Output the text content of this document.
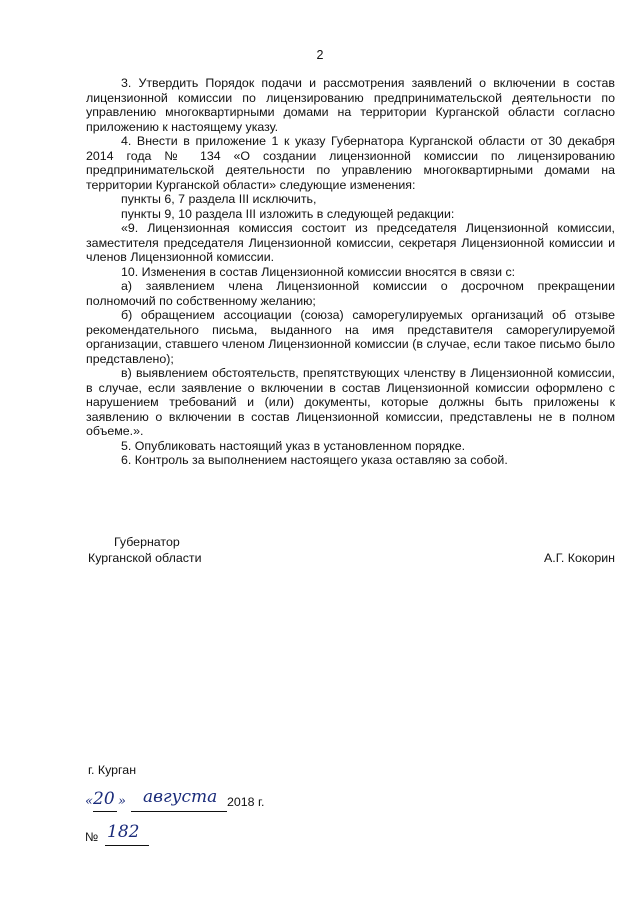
2

3. Утвердить Порядок подачи и рассмотрения заявлений о включении в состав лицензионной комиссии по лицензированию предпринимательской деятельности по управлению многоквартирными домами на территории Курганской области согласно приложению к настоящему указу.

4. Внести в приложение 1 к указу Губернатора Курганской области от 30 декабря 2014 года № 134 «О создании лицензионной комиссии по лицензированию предпринимательской деятельности по управлению многоквартирными домами на территории Курганской области» следующие изменения:

пункты 6, 7 раздела III исключить,

пункты 9, 10 раздела III изложить в следующей редакции:

«9. Лицензионная комиссия состоит из председателя Лицензионной комиссии, заместителя председателя Лицензионной комиссии, секретаря Лицензионной комиссии и членов Лицензионной комиссии.

10. Изменения в состав Лицензионной комиссии вносятся в связи с:

а) заявлением члена Лицензионной комиссии о досрочном прекращении полномочий по собственному желанию;

б) обращением ассоциации (союза) саморегулируемых организаций об отзыве рекомендательного письма, выданного на имя представителя саморегулируемой организации, ставшего членом Лицензионной комиссии (в случае, если такое письмо было представлено);

в) выявлением обстоятельств, препятствующих членству в Лицензионной комиссии, в случае, если заявление о включении в состав Лицензионной комиссии оформлено с нарушением требований и (или) документы, которые должны быть приложены к заявлению о включении в состав Лицензионной комиссии, представлены не в полном объеме.».

5. Опубликовать настоящий указ в установленном порядке.

6. Контроль за выполнением настоящего указа оставляю за собой.

Губернатор
Курганской области	А.Г. Кокорин
г. Курган
« 20 » августа 2018 г.
№ 182
